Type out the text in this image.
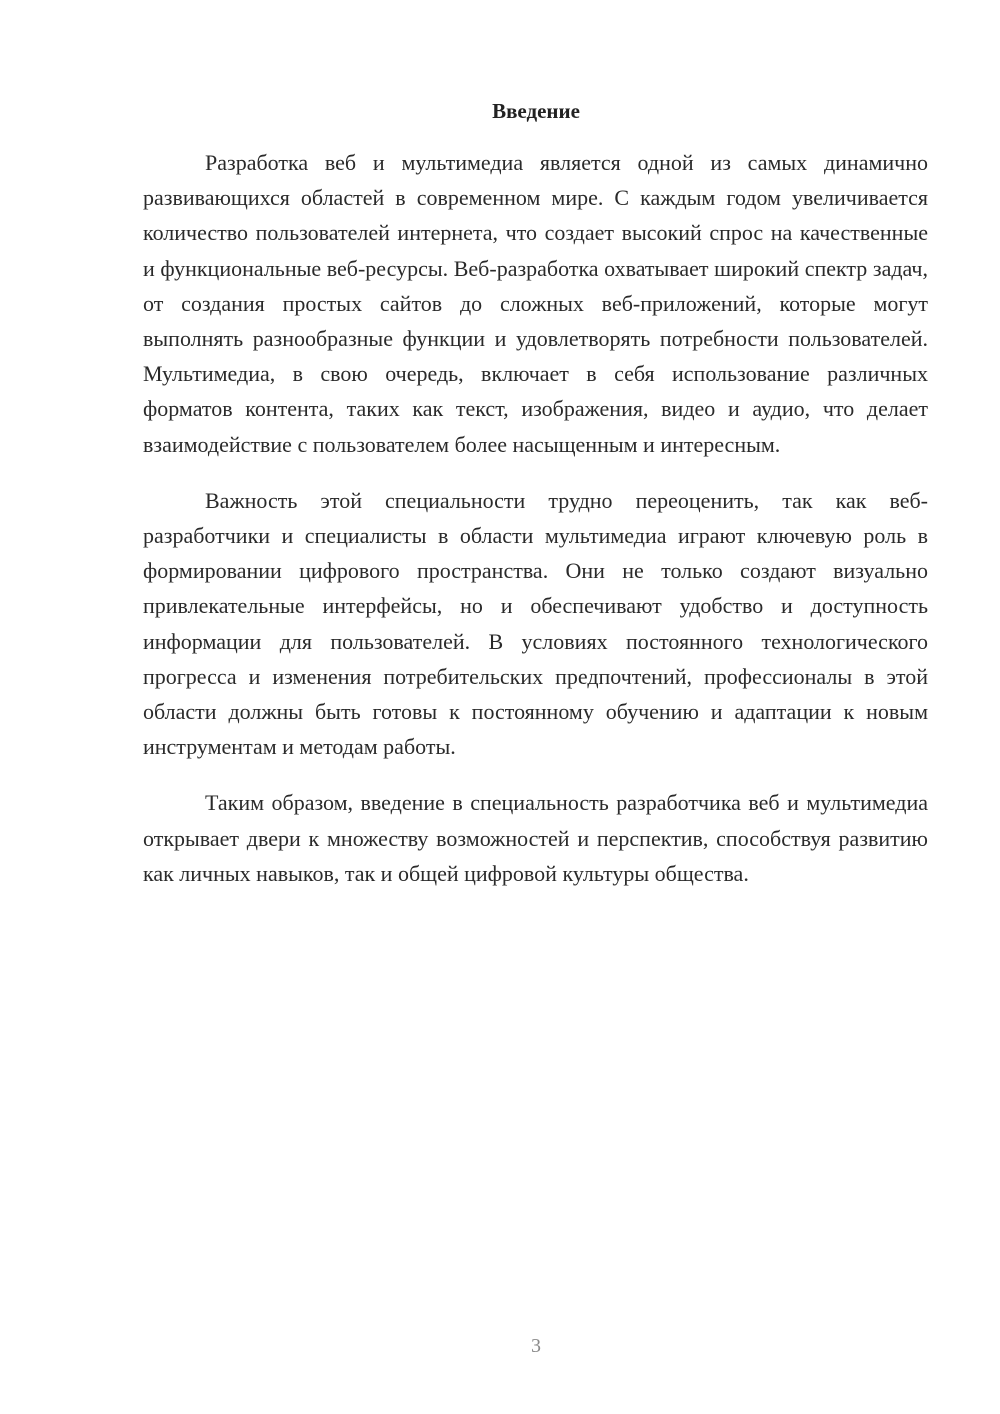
Введение

Разработка веб и мультимедиа является одной из самых динамично развивающихся областей в современном мире. С каждым годом увеличивается количество пользователей интернета, что создает высокий спрос на качественные и функциональные веб-ресурсы. Веб-разработка охватывает широкий спектр задач, от создания простых сайтов до сложных веб-приложений, которые могут выполнять разнообразные функции и удовлетворять потребности пользователей. Мультимедиа, в свою очередь, включает в себя использование различных форматов контента, таких как текст, изображения, видео и аудио, что делает взаимодействие с пользователем более насыщенным и интересным.

Важность этой специальности трудно переоценить, так как веб-разработчики и специалисты в области мультимедиа играют ключевую роль в формировании цифрового пространства. Они не только создают визуально привлекательные интерфейсы, но и обеспечивают удобство и доступность информации для пользователей. В условиях постоянного технологического прогресса и изменения потребительских предпочтений, профессионалы в этой области должны быть готовы к постоянному обучению и адаптации к новым инструментам и методам работы.

Таким образом, введение в специальность разработчика веб и мультимедиа открывает двери к множеству возможностей и перспектив, способствуя развитию как личных навыков, так и общей цифровой культуры общества.

3
